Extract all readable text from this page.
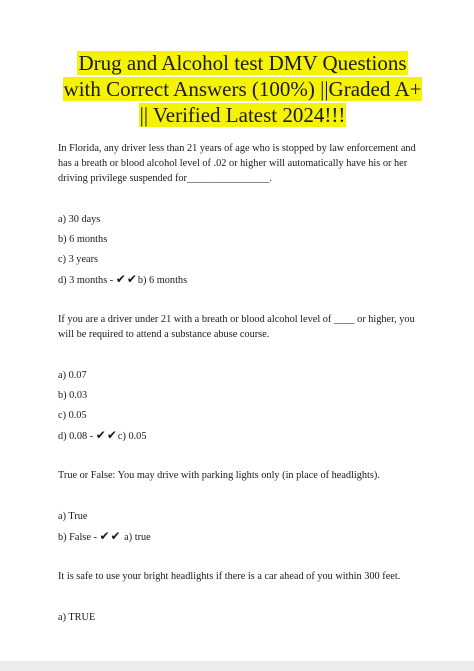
Drug and Alcohol test DMV Questions with Correct Answers (100%) ||Graded A+ || Verified Latest 2024!!!

In Florida, any driver less than 21 years of age who is stopped by law enforcement and has a breath or blood alcohol level of .02 or higher will automatically have his or her driving privilege suspended for________________.

a) 30 days

b) 6 months

c) 3 years

d) 3 months - ✔✔b) 6 months

If you are a driver under 21 with a breath or blood alcohol level of ____ or higher, you will be required to attend a substance abuse course.

a) 0.07

b) 0.03

c) 0.05

d) 0.08 - ✔✔c) 0.05

True or False: You may drive with parking lights only (in place of headlights).

a) True

b) False - ✔✔ a) true

It is safe to use your bright headlights if there is a car ahead of you within 300 feet.

a) TRUE
